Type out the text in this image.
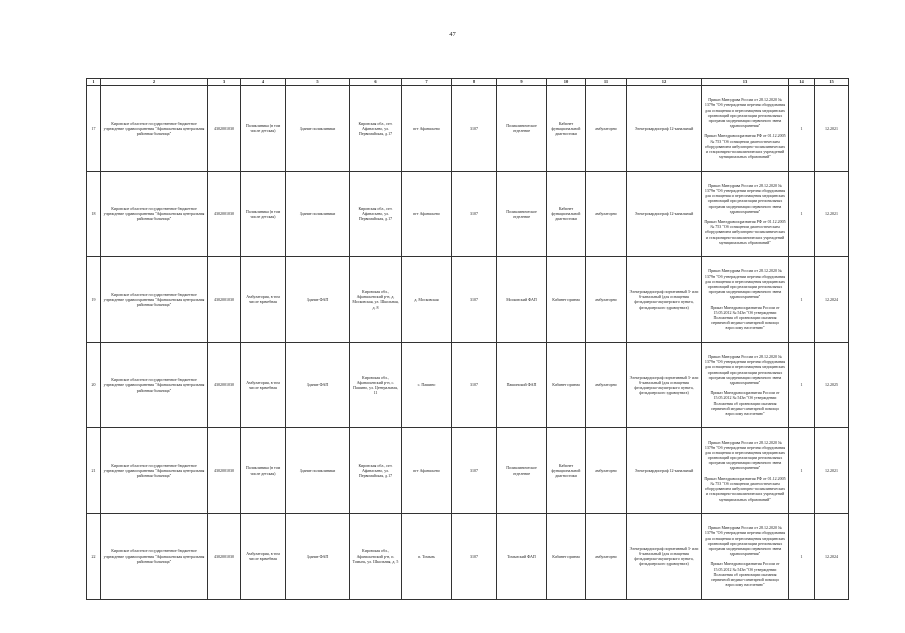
47
1	2	3	4	5	6	7	8	9	10	11	12	13	14	15
17	Кировское областное государственное бюджетное учреждение здравоохранения "Афанасьевская центральная районная больница"	4302001030	Поликлиника (в том числе детская)	Здание поликлиники	Кировская обл., пгт. Афанасьево, ул. Первомайская, д.17	пгт Афанасьево	3107	Поликлиническое отделение	Кабинет функциональной диагностики	амбулаторно	Электрокардиограф 12-канальный	Приказ Минздрава России от 28.12.2020 № 1379н "Об утверждении перечня оборудования для оснащения и переоснащения медицинских организаций при реализации региональных программ модернизации первичного звена здравоохранения"

Приказ Минздравсоцразвития РФ от 01.12.2005 № 753 "Об оснащении диагностическим оборудованием амбулаторно-поликлинических и стационарно-поликлинических учреждений муниципальных образований"	1	12.2021
18	Кировское областное государственное бюджетное учреждение здравоохранения "Афанасьевская центральная районная больница"	4302001030	Поликлиника (в том числе детская)	Здание поликлиники	Кировская обл., пгт. Афанасьево, ул. Первомайская, д.17	пгт Афанасьево	3107	Поликлиническое отделение	Кабинет функциональной диагностики	амбулаторно	Электрокардиограф 12-канальный	Приказ Минздрава России от 28.12.2020 № 1379н "Об утверждении перечня оборудования для оснащения и переоснащения медицинских организаций при реализации региональных программ модернизации первичного звена здравоохранения"

Приказ Минздравсоцразвития РФ от 01.12.2005 № 753 "Об оснащении диагностическим оборудованием амбулаторно-поликлинических и стационарно-поликлинических учреждений муниципальных образований"	1	12.2021
19	Кировское областное государственное бюджетное учреждение здравоохранения "Афанасьевская центральная районная больница"	4302001030	Амбулатория, в том числе врачебная	Здание ФАП	Кировская обл., Афанасьевский р-н, д. Московская, ул. Школьная, д. 8	д. Московская	3107	Московский ФАП	Кабинет приема	амбулаторно	Электрокардиограф портативный 3- или 6-канальный (для оснащения фельдшерско-акушерского пункта, фельдшерского здравпункта)	Приказ Минздрава России от 28.12.2020 № 1379н "Об утверждении перечня оборудования для оснащения и переоснащения медицинских организаций при реализации региональных программ модернизации первичного звена здравоохранения"

Приказ Минздравсоцразвития России от 15.05.2012 № 543н "Об утверждении Положения об организации оказания первичной медико-санитарной помощи взрослому населению"	1	12.2024
20	Кировское областное государственное бюджетное учреждение здравоохранения "Афанасьевская центральная районная больница"	4302001030	Амбулатория, в том числе врачебная	Здание ФАП	Кировская обл., Афанасьевский р-н, с. Пашино, ул. Центральная, 11	с. Пашино	3107	Пашинский ФАП	Кабинет приема	амбулаторно	Электрокардиограф портативный 3- или 6-канальный (для оснащения фельдшерско-акушерского пункта, фельдшерского здравпункта)	Приказ Минздрава России от 28.12.2020 № 1379н "Об утверждении перечня оборудования для оснащения и переоснащения медицинских организаций при реализации региональных программ модернизации первичного звена здравоохранения"

Приказ Минздравсоцразвития России от 15.05.2012 № 543н "Об утверждении Положения об организации оказания первичной медико-санитарной помощи взрослому населению"	1	12.2025
21	Кировское областное государственное бюджетное учреждение здравоохранения "Афанасьевская центральная районная больница"	4302001030	Поликлиника (в том числе детская)	Здание поликлиники	Кировская обл., пгт. Афанасьево, ул. Первомайская, д.17	пгт Афанасьево	3107	Поликлиническое отделение	Кабинет функциональной диагностики	амбулаторно	Электрокардиограф 12-канальный	Приказ Минздрава России от 28.12.2020 № 1379н "Об утверждении перечня оборудования для оснащения и переоснащения медицинских организаций при реализации региональных программ модернизации первичного звена здравоохранения"

Приказ Минздравсоцразвития РФ от 01.12.2005 № 753 "Об оснащении диагностическим оборудованием амбулаторно-поликлинических и стационарно-поликлинических учреждений муниципальных образований"	1	12.2021
22	Кировское областное государственное бюджетное учреждение здравоохранения "Афанасьевская центральная районная больница"	4302001030	Амбулатория, в том числе врачебная	Здание ФАП	Кировская обл., Афанасьевский р-н, п. Томызь, ул. Школьная, д. 5	п. Томызь	3107	Томызский ФАП	Кабинет приема	амбулаторно	Электрокардиограф портативный 3- или 6-канальный (для оснащения фельдшерско-акушерского пункта, фельдшерского здравпункта)	Приказ Минздрава России от 28.12.2020 № 1379н "Об утверждении перечня оборудования для оснащения и переоснащения медицинских организаций при реализации региональных программ модернизации первичного звена здравоохранения"

Приказ Минздравсоцразвития России от 15.05.2012 № 543н "Об утверждении Положения об организации оказания первичной медико-санитарной помощи взрослому населению"	1	12.2024
